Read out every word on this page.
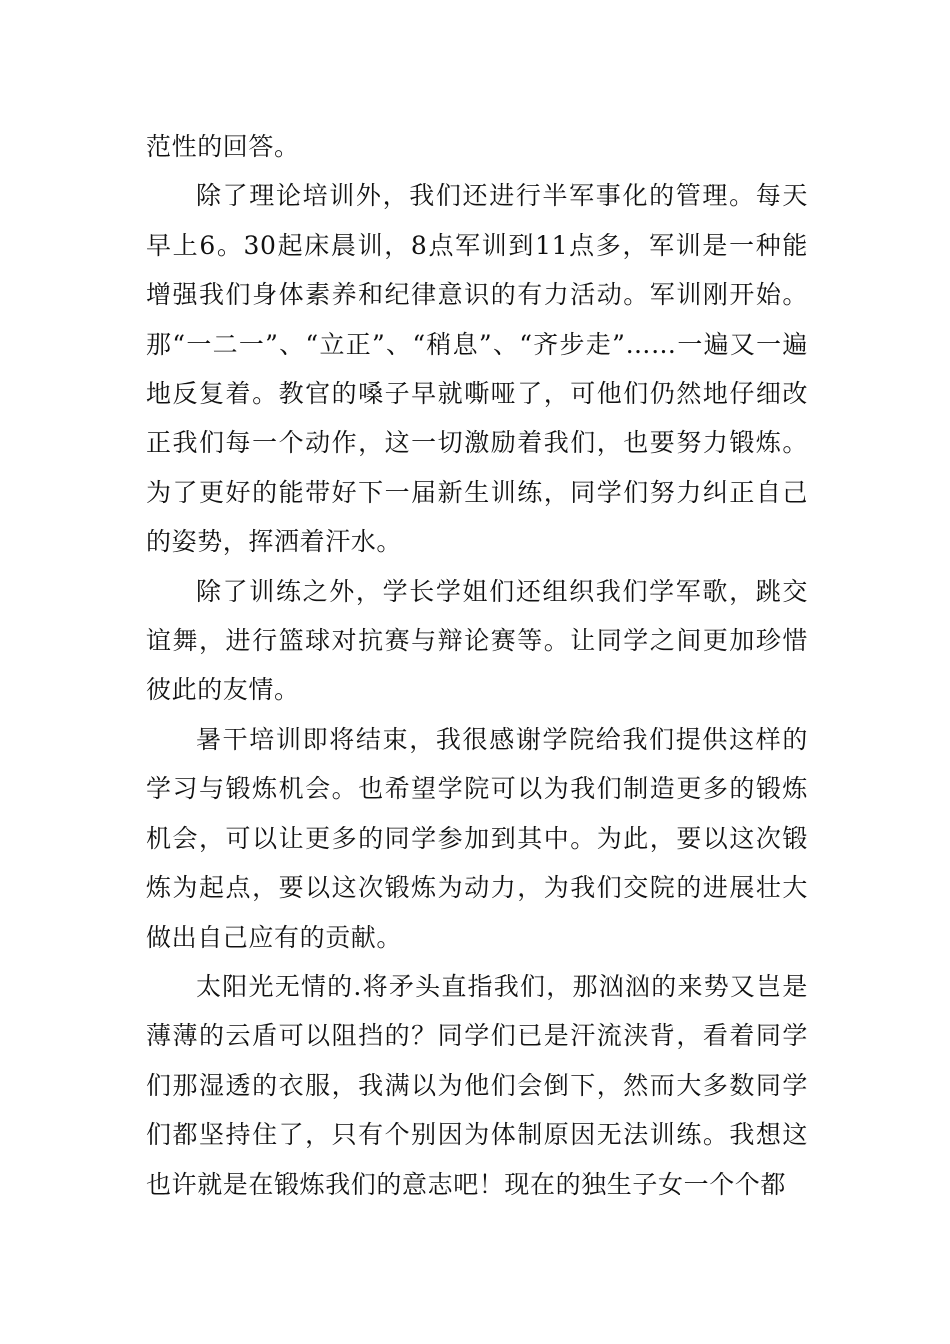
范性的回答。

除了理论培训外，我们还进行半军事化的管理。每天早上6。30起床晨训，8点军训到11点多，军训是一种能增强我们身体素养和纪律意识的有力活动。军训刚开始。那“一二一”、“立正”、“稍息”、“齐步走”……一遍又一遍地反复着。教官的嗓子早就嘶哑了，可他们仍然地仔细改正我们每一个动作，这一切激励着我们，也要努力锻炼。为了更好的能带好下一届新生训练，同学们努力纠正自己的姿势，挥洒着汗水。

除了训练之外，学长学姐们还组织我们学军歌，跳交谊舞，进行篮球对抗赛与辩论赛等。让同学之间更加珍惜彼此的友情。

暑干培训即将结束，我很感谢学院给我们提供这样的学习与锻炼机会。也希望学院可以为我们制造更多的锻炼机会，可以让更多的同学参加到其中。为此，要以这次锻炼为起点，要以这次锻炼为动力，为我们交院的进展壮大做出自己应有的贡献。

太阳光无情的.将矛头直指我们，那汹汹的来势又岂是薄薄的云盾可以阻挡的？同学们已是汗流浃背，看着同学们那湿透的衣服，我满以为他们会倒下，然而大多数同学们都坚持住了，只有个别因为体制原因无法训练。我想这也许就是在锻炼我们的意志吧！现在的独生子女一个个都
